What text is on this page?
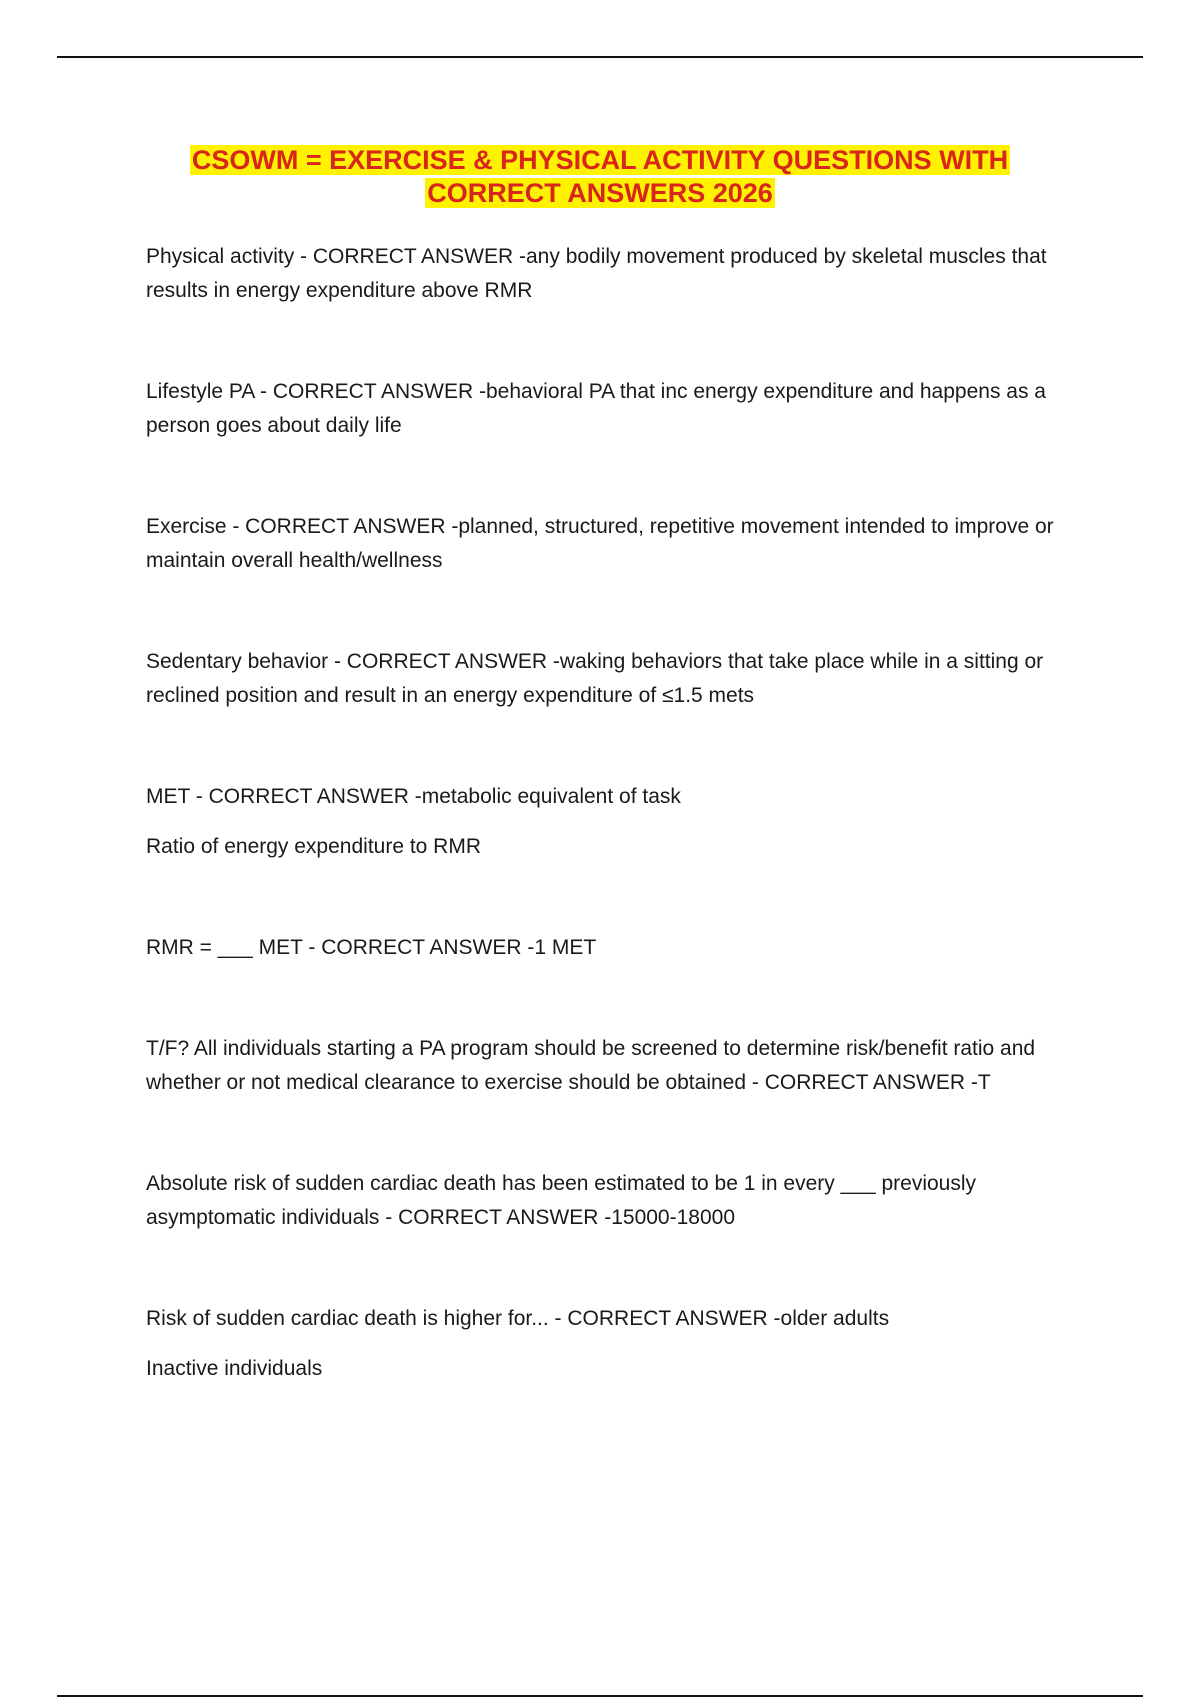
CSOWM = EXERCISE & PHYSICAL ACTIVITY QUESTIONS WITH
CORRECT ANSWERS 2026
Physical activity - CORRECT ANSWER -any bodily movement produced by skeletal muscles that results in energy expenditure above RMR
Lifestyle PA - CORRECT ANSWER -behavioral PA that inc energy expenditure and happens as a person goes about daily life
Exercise - CORRECT ANSWER -planned, structured, repetitive movement intended to improve or maintain overall health/wellness
Sedentary behavior - CORRECT ANSWER -waking behaviors that take place while in a sitting or reclined position and result in an energy expenditure of ≤1.5 mets
MET - CORRECT ANSWER -metabolic equivalent of task
Ratio of energy expenditure to RMR
RMR = ___ MET - CORRECT ANSWER -1 MET
T/F? All individuals starting a PA program should be screened to determine risk/benefit ratio and whether or not medical clearance to exercise should be obtained - CORRECT ANSWER -T
Absolute risk of sudden cardiac death has been estimated to be 1 in every ___ previously asymptomatic individuals - CORRECT ANSWER -15000-18000
Risk of sudden cardiac death is higher for... - CORRECT ANSWER -older adults
Inactive individuals
